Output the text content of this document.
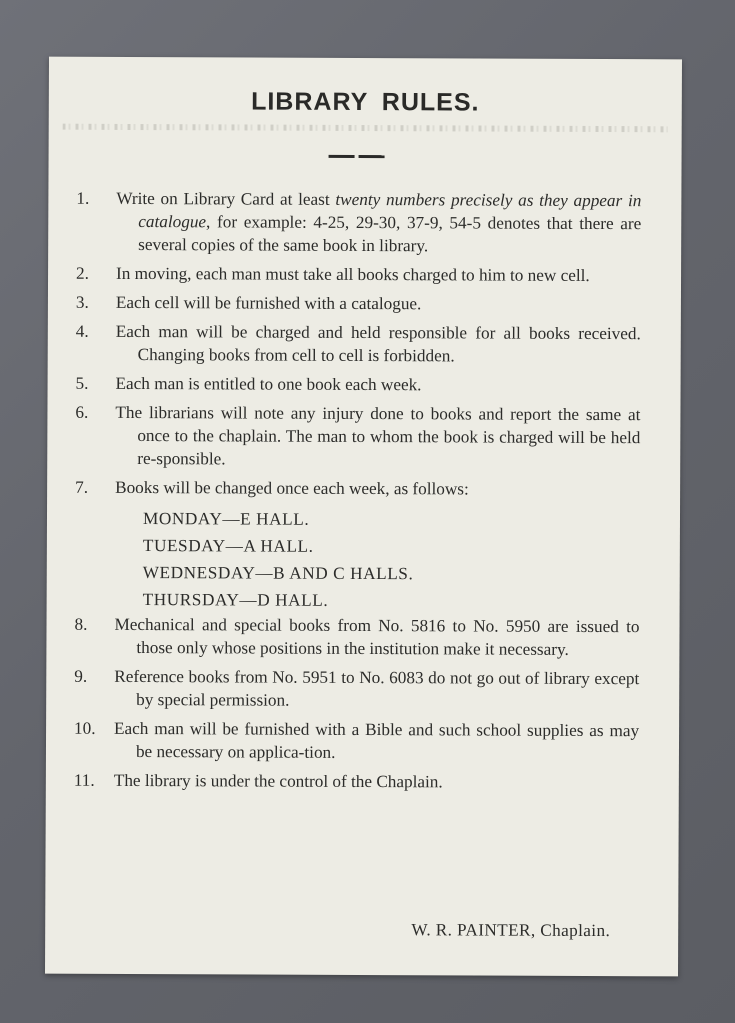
LIBRARY RULES.
1.	Write on Library Card at least twenty numbers precisely as they appear in catalogue, for example: 4-25, 29-30, 37-9, 54-5 denotes that there are several copies of the same book in library.
2.	In moving, each man must take all books charged to him to new cell.
3.	Each cell will be furnished with a catalogue.
4.	Each man will be charged and held responsible for all books received. Changing books from cell to cell is forbidden.
5.	Each man is entitled to one book each week.
6.	The librarians will note any injury done to books and report the same at once to the chaplain. The man to whom the book is charged will be held re-sponsible.
7.	Books will be changed once each week, as follows:
MONDAY—E HALL.
TUESDAY—A HALL.
WEDNESDAY—B AND C HALLS.
THURSDAY—D HALL.
8.	Mechanical and special books from No. 5816 to No. 5950 are issued to those only whose positions in the institution make it necessary.
9.	Reference books from No. 5951 to No. 6083 do not go out of library except by special permission.
10.	Each man will be furnished with a Bible and such school supplies as may be necessary on applica-tion.
11.	The library is under the control of the Chaplain.
W. R. PAINTER, Chaplain.
